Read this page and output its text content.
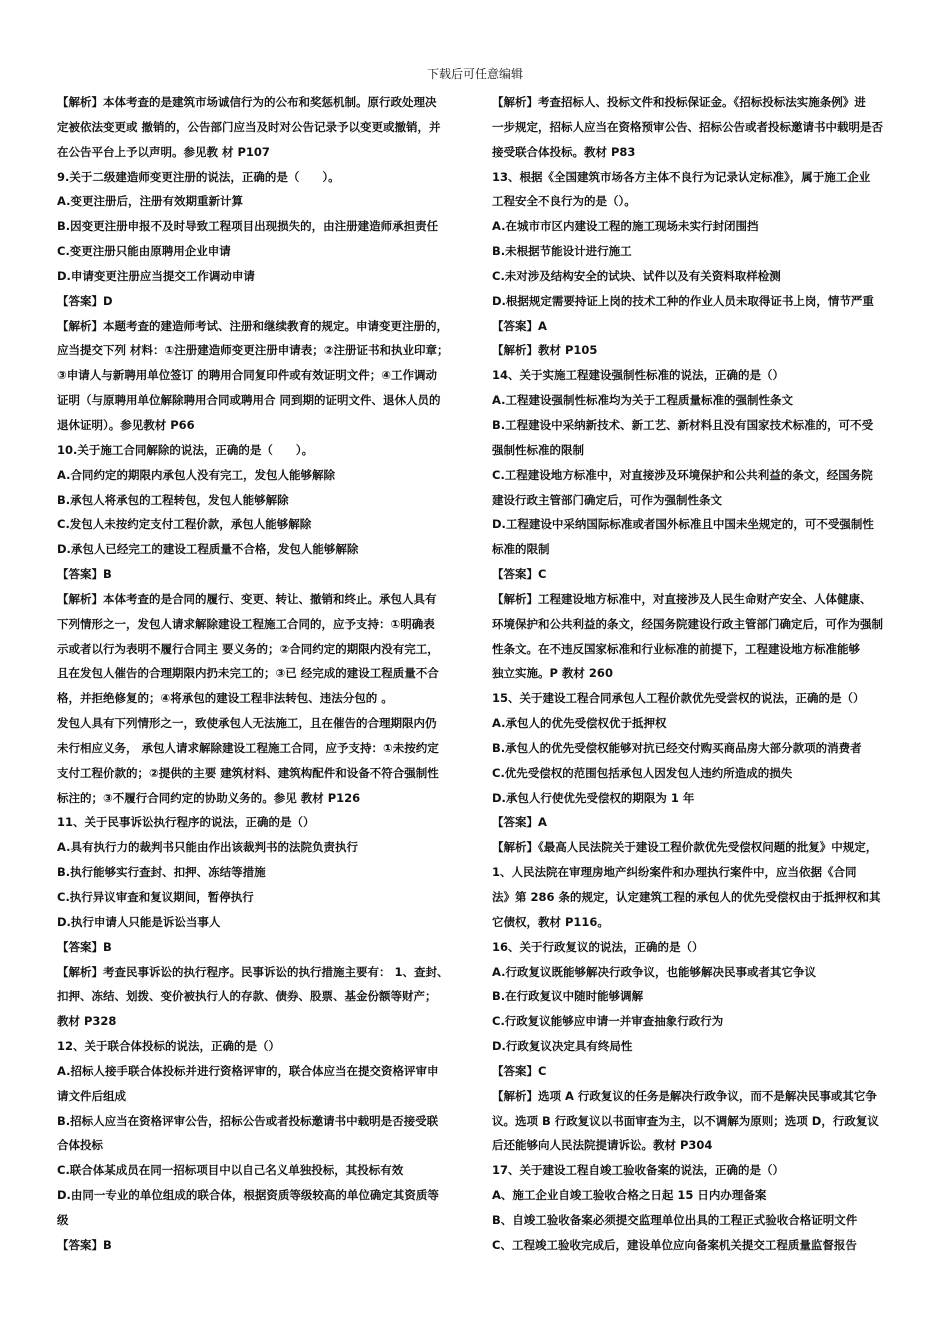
下载后可任意编辑
【解析】本体考查的是建筑市场诚信行为的公布和奖惩机制。原行政处理决
定被依法变更或 撤销的，公告部门应当及时对公告记录予以变更或撤销，并
在公告平台上予以声明。参见教 材 P107
9.关于二级建造师变更注册的说法，正确的是（　　）。
A.变更注册后，注册有效期重新计算
B.因变更注册申报不及时导致工程项目出现损失的，由注册建造师承担责任
C.变更注册只能由原聘用企业申请
D.申请变更注册应当提交工作调动申请
【答案】D
【解析】本题考查的建造师考试、注册和继续教育的规定。申请变更注册的，
应当提交下列 材料：①注册建造师变更注册申请表；②注册证书和执业印章；
③申请人与新聘用单位签订 的聘用合同复印件或有效证明文件；④工作调动
证明（与原聘用单位解除聘用合同或聘用合 同到期的证明文件、退休人员的
退休证明）。参见教材 P66
10.关于施工合同解除的说法，正确的是（　　）。
A.合同约定的期限内承包人没有完工，发包人能够解除
B.承包人将承包的工程转包，发包人能够解除
C.发包人未按约定支付工程价款，承包人能够解除
D.承包人已经完工的建设工程质量不合格，发包人能够解除
【答案】B
【解析】本体考查的是合同的履行、变更、转让、撤销和终止。承包人具有
下列情形之一，发包人请求解除建设工程施工合同的，应予支持：①明确表
示或者以行为表明不履行合同主 要义务的；②合同约定的期限内没有完工，
且在发包人催告的合理期限内扔未完工的；③已 经完成的建设工程质量不合
格，并拒绝修复的；④将承包的建设工程非法转包、违法分包的 。
发包人具有下列情形之一，致使承包人无法施工，且在催告的合理期限内仍
未行相应义务， 承包人请求解除建设工程施工合同，应予支持：①未按约定
支付工程价款的；②提供的主要 建筑材料、建筑构配件和设备不符合强制性
标注的；③不履行合同约定的协助义务的。参见 教材 P126
11、关于民事诉讼执行程序的说法，正确的是（）
A.具有执行力的裁判书只能由作出该裁判书的法院负责执行
B.执行能够实行查封、扣押、冻结等措施
C.执行异议审查和复议期间，暂停执行
D.执行申请人只能是诉讼当事人
【答案】B
【解析】考查民事诉讼的执行程序。民事诉讼的执行措施主要有： 1、查封、
扣押、冻结、划拨、变价被执行人的存款、债券、股票、基金份额等财产；
教材 P328
12、关于联合体投标的说法，正确的是（）
A.招标人接手联合体投标并进行资格评审的，联合体应当在提交资格评审申
请文件后组成
B.招标人应当在资格评审公告，招标公告或者投标邀请书中载明是否接受联
合体投标
C.联合体某成员在同一招标项目中以自己名义单独投标，其投标有效
D.由同一专业的单位组成的联合体，根据资质等级较高的单位确定其资质等
级
【答案】B
【解析】考查招标人、投标文件和投标保证金。《招标投标法实施条例》进
一步规定，招标人应当在资格预审公告、招标公告或者投标邀请书中载明是否
接受联合体投标。教材 P83
13、根据《全国建筑市场各方主体不良行为记录认定标准》，属于施工企业
工程安全不良行为的是（）。
A.在城市市区内建设工程的施工现场未实行封闭围挡
B.未根据节能设计进行施工
C.未对涉及结构安全的试块、试件以及有关资料取样检测
D.根据规定需要持证上岗的技术工种的作业人员未取得证书上岗，情节严重
【答案】A
【解析】教材 P105
14、关于实施工程建设强制性标准的说法，正确的是（）
A.工程建设强制性标准均为关于工程质量标准的强制性条文
B.工程建设中采纳新技术、新工艺、新材料且没有国家技术标准的，可不受
强制性标准的限制
C.工程建设地方标准中，对直接涉及环境保护和公共利益的条文，经国务院
建设行政主管部门确定后，可作为强制性条文
D.工程建设中采纳国际标准或者国外标准且中国未坐规定的，可不受强制性
标准的限制
【答案】C
【解析】工程建设地方标准中，对直接涉及人民生命财产安全、人体健康、
环境保护和公共利益的条文，经国务院建设行政主管部门确定后，可作为强制
性条文。在不违反国家标准和行业标准的前提下，工程建设地方标准能够
独立实施。P 教材 260
15、关于建设工程合同承包人工程价款优先受尝权的说法，正确的是（）
A.承包人的优先受偿权优于抵押权
B.承包人的优先受偿权能够对抗已经交付购买商品房大部分款项的消费者
C.优先受偿权的范围包括承包人因发包人违约所造成的损失
D.承包人行使优先受偿权的期限为 1 年
【答案】A
【解析】《最高人民法院关于建设工程价款优先受偿权问题的批复》中规定，
1、人民法院在审理房地产纠纷案件和办理执行案件中，应当依据《合同
法》第 286 条的规定，认定建筑工程的承包人的优先受偿权由于抵押权和其
它债权，教材 P116。
16、关于行政复议的说法，正确的是（）
A.行政复议既能够解决行政争议，也能够解决民事或者其它争议
B.在行政复议中随时能够调解
C.行政复议能够应申请一并审查抽象行政行为
D.行政复议决定具有终局性
【答案】C
【解析】选项 A 行政复议的任务是解决行政争议，而不是解决民事或其它争
议。选项 B 行政复议以书面审查为主，以不调解为原则；选项 D，行政复议
后还能够向人民法院提请诉讼。教材 P304
17、关于建设工程自竣工验收备案的说法，正确的是（）
A、施工企业自竣工验收合格之日起 15 日内办理备案
B、自竣工验收备案必须提交监理单位出具的工程正式验收合格证明文件
C、工程竣工验收完成后，建设单位应向备案机关提交工程质量监督报告
